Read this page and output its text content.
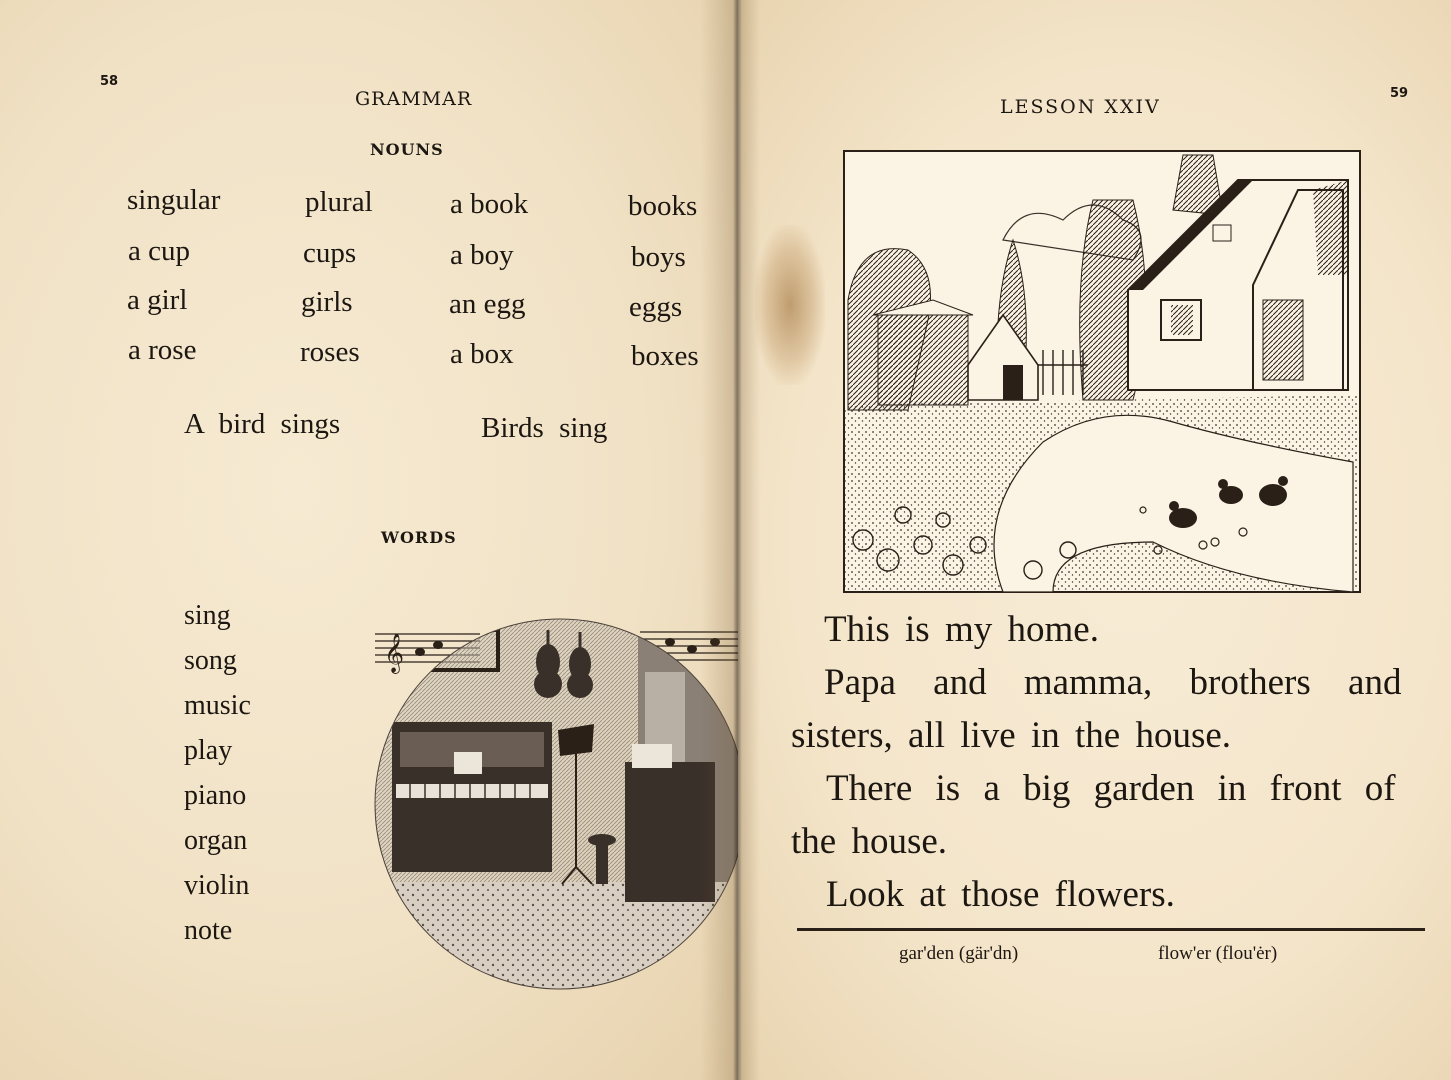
58
GRAMMAR
NOUNS
singular	plural	a book	books
a cup	cups	a boy	boys
a girl	girls	an egg	eggs
a rose	roses	a box	boxes
A bird sings	Birds sing
WORDS
sing
song
music
play
piano
organ
violin
note
𝄞
LESSON XXIV
59
This is my home.
Papa and mamma, brothers and
sisters, all live in the house.
There is a big garden in front of
the house.
Look at those flowers.
gar'den (gär'dn)	flow'er (flou'ėr)
